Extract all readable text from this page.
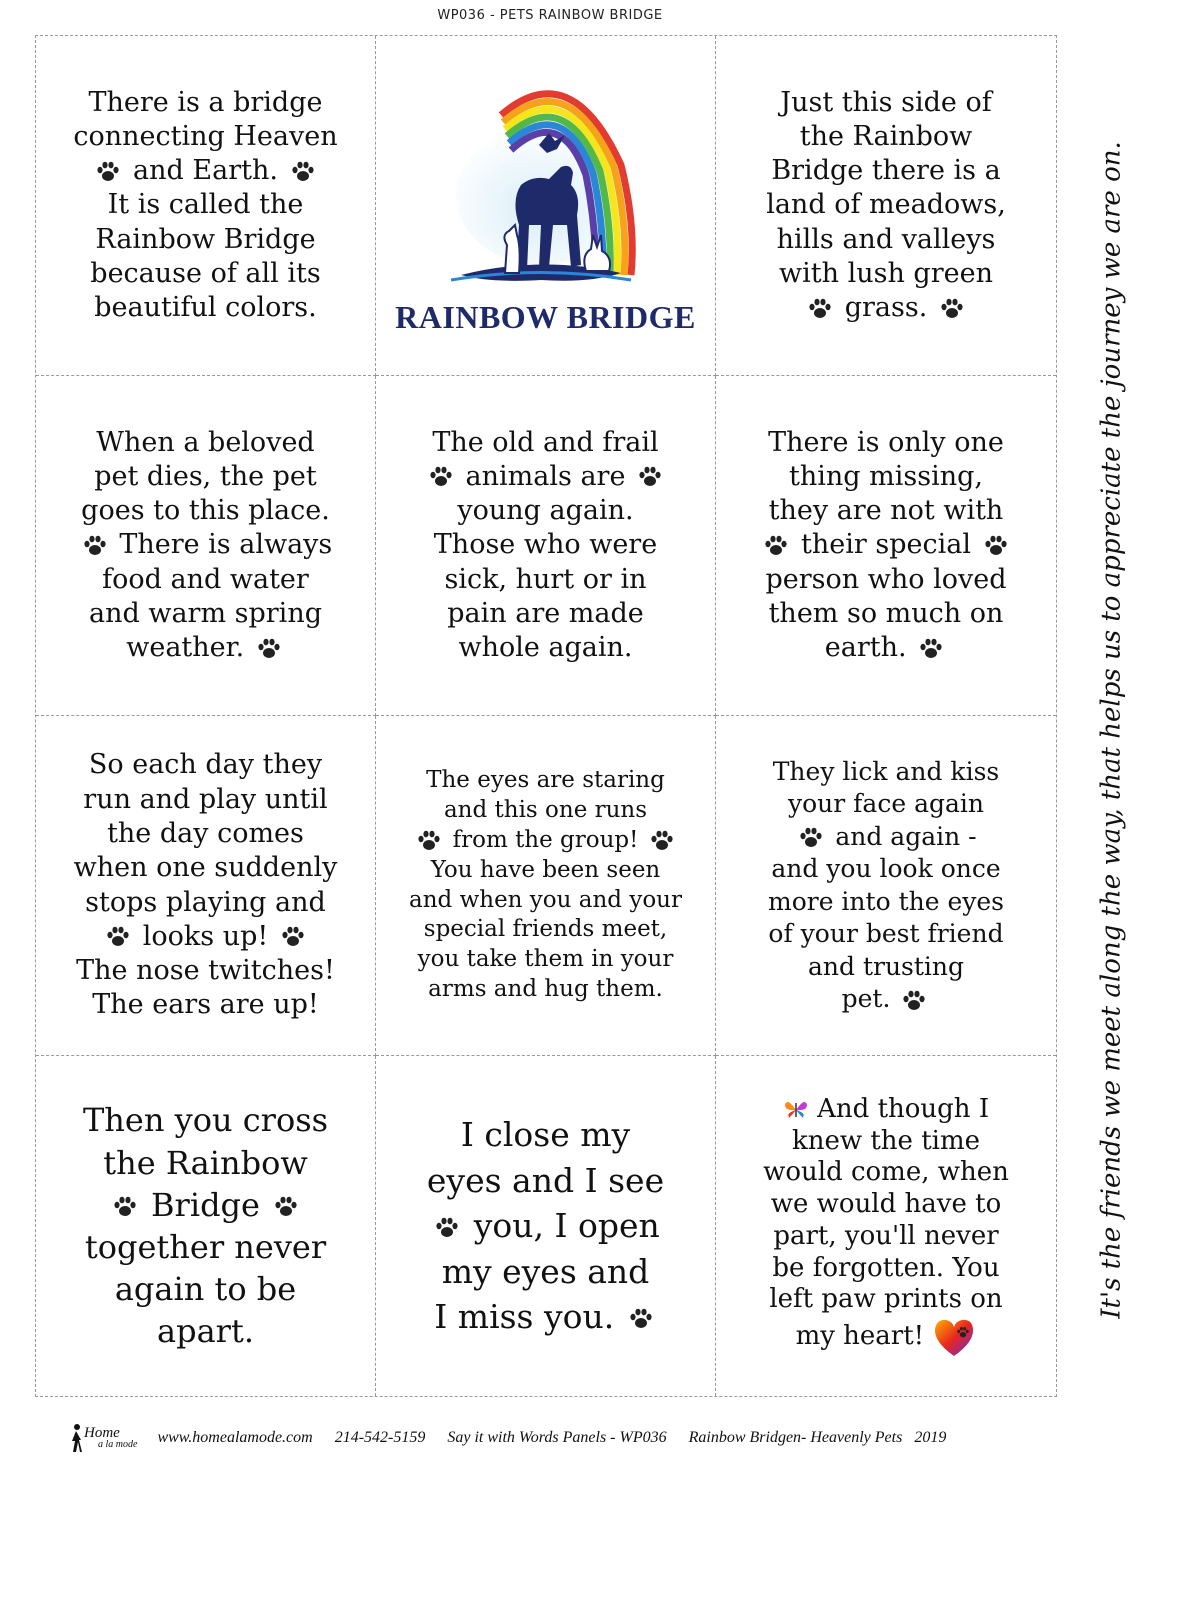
WP036 - PETS RAINBOW BRIDGE
There is a bridge
connecting Heaven
and Earth.
It is called the
Rainbow Bridge
because of all its
beautiful colors.	RAINBOW BRIDGE
Just this side of
the Rainbow
Bridge there is a
land of meadows,
hills and valleys
with lush green
grass.
When a beloved
pet dies, the pet
goes to this place.
There is always
food and water
and warm spring
weather.
The old and frail
animals are
young again.
Those who were
sick, hurt or in
pain are made
whole again.
There is only one
thing missing,
they are not with
their special
person who loved
them so much on
earth.
So each day they
run and play until
the day comes
when one suddenly
stops playing and
looks up!
The nose twitches!
The ears are up!
The eyes are staring
and this one runs
from the group!
You have been seen
and when you and your
special friends meet,
you take them in your
arms and hug them.
They lick and kiss
your face again
and again -
and you look once
more into the eyes
of your best friend
and trusting
pet.
Then you cross
the Rainbow
Bridge
together never
again to be
apart.
I close my
eyes and I see
you, I open
my eyes and
I miss you.
And though I
knew the time
would come, when
we would have to
part, you'll never
be forgotten. You
left paw prints on
my heart!
It's the friends we meet along the way, that helps us to appreciate the journey we are on.
Home
a la mode www.homealamode.com 214-542-5159 Say it with Words Panels - WP036 Rainbow Bridgen- Heavenly Pets 2019
